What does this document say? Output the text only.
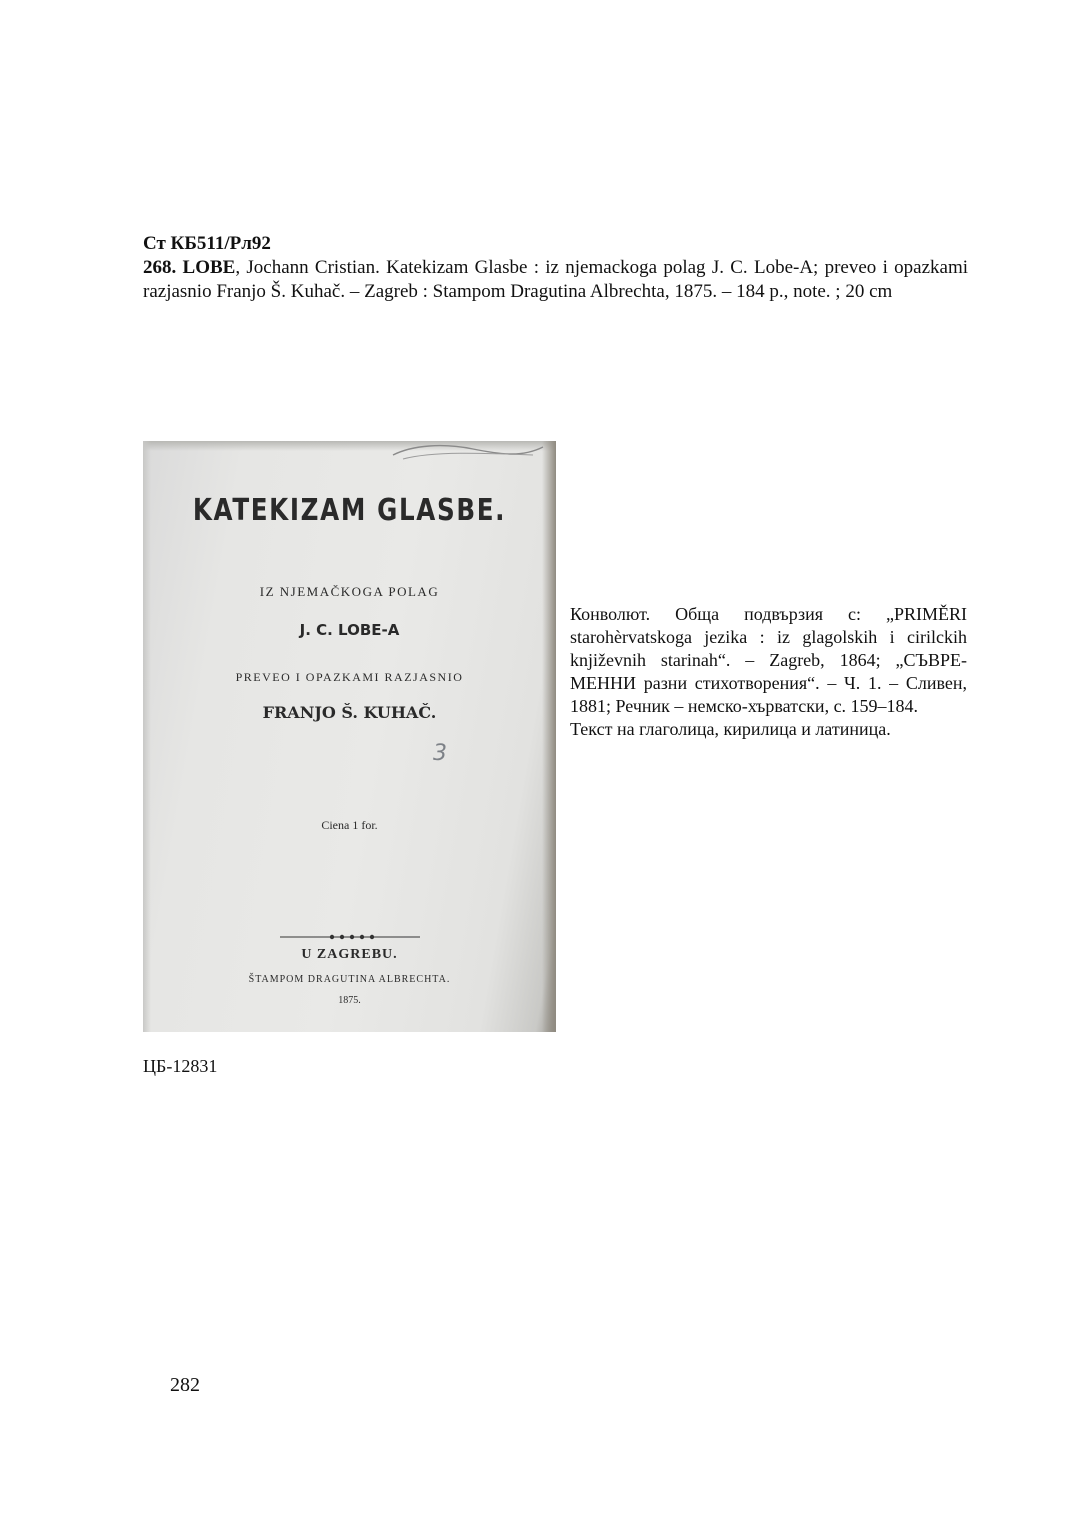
Ст КБ511/Рл92
268. LOBE, Jochann Cristian. Katekizam Glasbe : iz njemackoga polag J. C. Lobe-A; preveo i opazkami razjasnio Franjo Š. Kuhač. – Zagreb : Stampom Dragutina Albrechta, 1875. – 184 p., note. ; 20 cm
KATEKIZAM GLASBE.
IZ NJEMAČKOGA POLAG
J. C. LOBE-A
PREVEO I OPAZKAMI RAZJASNIO
FRANJO Š. KUHAČ.
3
Ciena 1 for.
U ZAGREBU.
ŠTAMPOM DRAGUTINA ALBRECHTA.
1875.

Конволют. Обща подвързия с: „PRIMĚRI starohèrvatskoga jezika : iz glagolskih i cirilckih književnih starinah“. – Zagreb, 1864; „СЪВРЕ-МЕННИ разни стихотворения“. – Ч. 1. – Сливен, 1881; Речник – немско-хърватски, с. 159–184.

Текст на глаголица, кирилица и латиница.

ЦБ-12831
282
